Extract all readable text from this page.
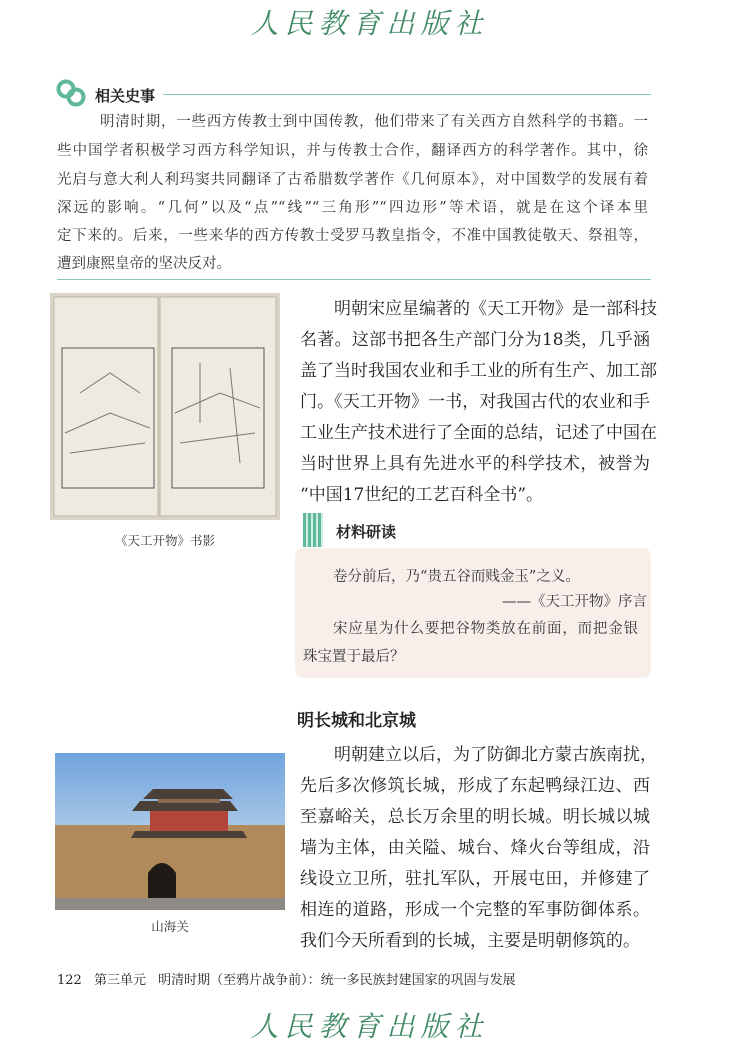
人民教育出版社
相关史事
明清时期，一些西方传教士到中国传教，他们带来了有关西方自然科学的书籍。一
些中国学者积极学习西方科学知识，并与传教士合作，翻译西方的科学著作。其中，徐
光启与意大利人利玛窦共同翻译了古希腊数学著作《几何原本》，对中国数学的发展有着
深远的影响。“几何”以及“点”“线”“三角形”“四边形”等术语，就是在这个译本里
定下来的。后来，一些来华的西方传教士受罗马教皇指令，不准中国教徒敬天、祭祖等，
遭到康熙皇帝的坚决反对。
《天工开物》书影
明朝宋应星编著的《天工开物》是一部科技
名著。这部书把各生产部门分为18类，几乎涵
盖了当时我国农业和手工业的所有生产、加工部
门。《天工开物》一书，对我国古代的农业和手
工业生产技术进行了全面的总结，记述了中国在
当时世界上具有先进水平的科学技术，被誉为
“中国17世纪的工艺百科全书”。
材料研读
卷分前后，乃“贵五谷而贱金玉”之义。
——《天工开物》序言
宋应星为什么要把谷物类放在前面，而把金银
珠宝置于最后？
明长城和北京城
山海关
明朝建立以后，为了防御北方蒙古族南扰，
先后多次修筑长城，形成了东起鸭绿江边、西
至嘉峪关，总长万余里的明长城。明长城以城
墙为主体，由关隘、城台、烽火台等组成，沿
线设立卫所，驻扎军队，开展屯田，并修建了
相连的道路，形成一个完整的军事防御体系。
我们今天所看到的长城，主要是明朝修筑的。
122 第三单元 明清时期（至鸦片战争前）：统一多民族封建国家的巩固与发展
人民教育出版社
